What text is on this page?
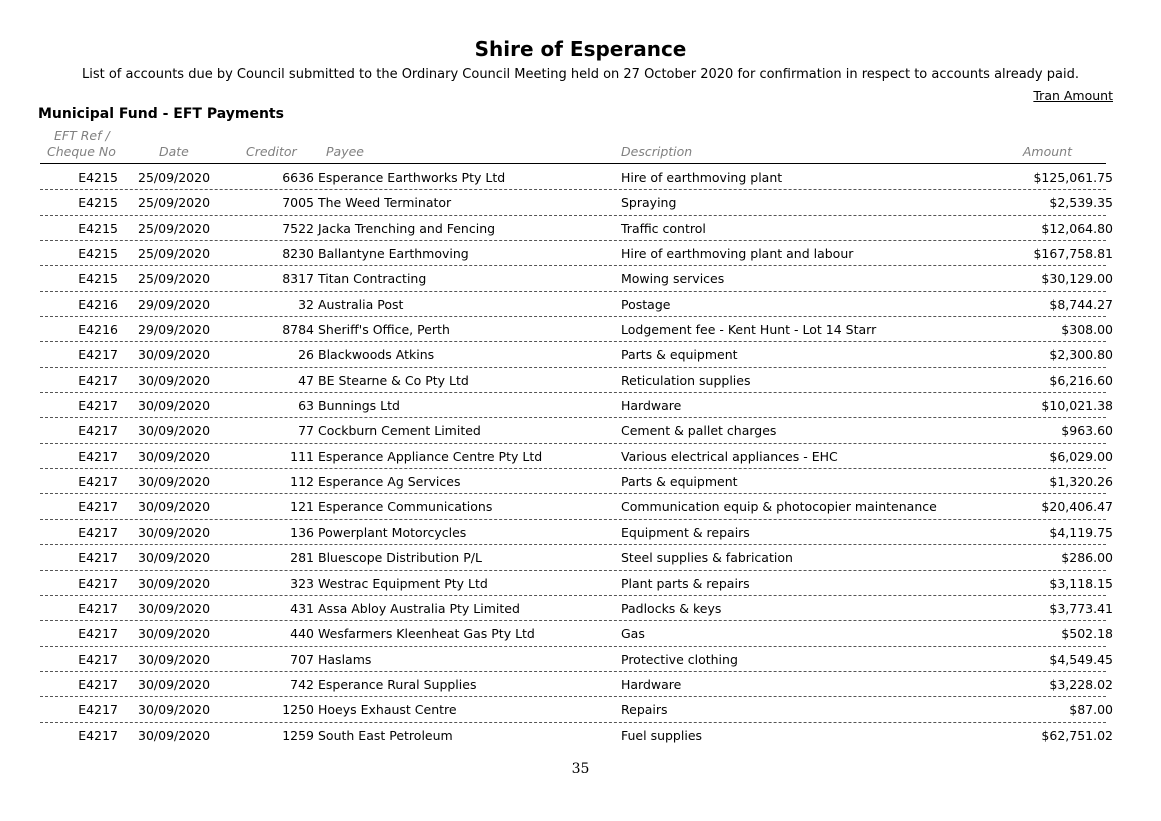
Shire of Esperance
List of accounts due by Council submitted to the Ordinary Council Meeting held on 27 October 2020 for confirmation in respect to accounts already paid.
Tran Amount
Municipal Fund - EFT Payments
EFT Ref /
Cheque No	Date	Creditor Payee	Description	Amount
E4215 25/09/2020	6636 Esperance Earthworks Pty Ltd	Hire of earthmoving plant	$125,061.75
E4215 25/09/2020	7005 The Weed Terminator	Spraying	$2,539.35
E4215 25/09/2020	7522 Jacka Trenching and Fencing	Traffic control	$12,064.80
E4215 25/09/2020	8230 Ballantyne Earthmoving	Hire of earthmoving plant and labour	$167,758.81
E4215 25/09/2020	8317 Titan Contracting	Mowing services	$30,129.00
E4216 29/09/2020	32 Australia Post	Postage	$8,744.27
E4216 29/09/2020	8784 Sheriff's Office, Perth	Lodgement fee - Kent Hunt - Lot 14 Starr	$308.00
E4217 30/09/2020	26 Blackwoods Atkins	Parts & equipment	$2,300.80
E4217 30/09/2020	47 BE Stearne & Co Pty Ltd	Reticulation supplies	$6,216.60
E4217 30/09/2020	63 Bunnings Ltd	Hardware	$10,021.38
E4217 30/09/2020	77 Cockburn Cement Limited	Cement & pallet charges	$963.60
E4217 30/09/2020	111 Esperance Appliance Centre Pty Ltd	Various electrical appliances - EHC	$6,029.00
E4217 30/09/2020	112 Esperance Ag Services	Parts & equipment	$1,320.26
E4217 30/09/2020	121 Esperance Communications	Communication equip & photocopier maintenance	$20,406.47
E4217 30/09/2020	136 Powerplant Motorcycles	Equipment & repairs	$4,119.75
E4217 30/09/2020	281 Bluescope Distribution P/L	Steel supplies & fabrication	$286.00
E4217 30/09/2020	323 Westrac Equipment Pty Ltd	Plant parts & repairs	$3,118.15
E4217 30/09/2020	431 Assa Abloy Australia Pty Limited	Padlocks & keys	$3,773.41
E4217 30/09/2020	440 Wesfarmers Kleenheat Gas Pty Ltd	Gas	$502.18
E4217 30/09/2020	707 Haslams	Protective clothing	$4,549.45
E4217 30/09/2020	742 Esperance Rural Supplies	Hardware	$3,228.02
E4217 30/09/2020	1250 Hoeys Exhaust Centre	Repairs	$87.00
E4217 30/09/2020	1259 South East Petroleum	Fuel supplies	$62,751.02
35
